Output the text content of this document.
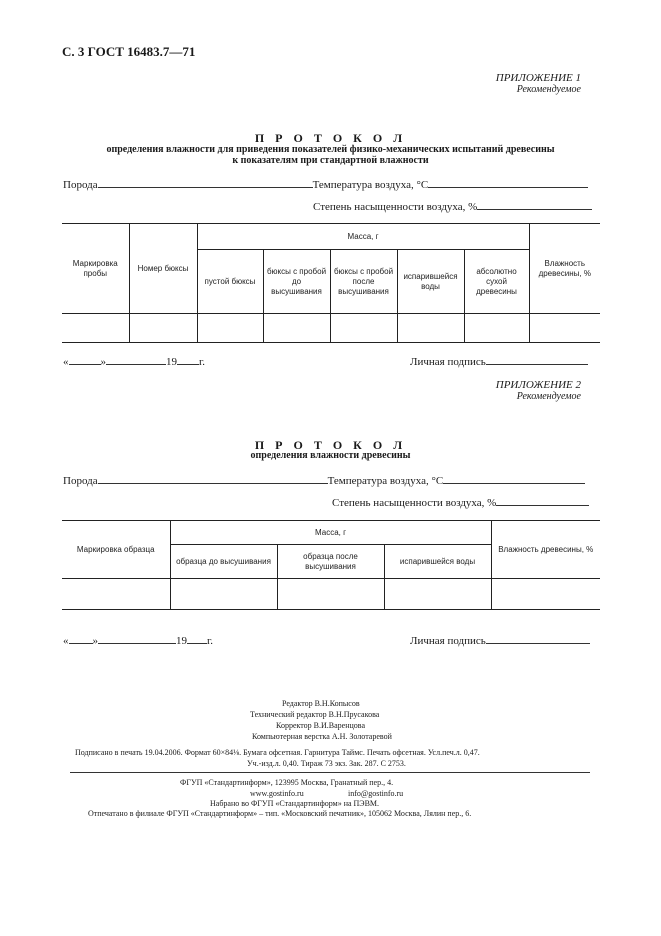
С. 3 ГОСТ 16483.7—71
ПРИЛОЖЕНИЕ 1
Рекомендуемое
П Р О Т О К О Л
определения влажности для приведения показателей физико-механических испытаний древесины
к показателям при стандартной влажности
Порода	Температура воздуха, °С
Степень насыщенности воздуха, %
Маркировка пробы	Номер бюксы	Масса, г					Влажность древесины, %
		пустой бюксы	бюксы с пробой до высушивания	бюксы с пробой после высушивания	испарившейся воды	абсолютно сухой древесины	

«	»	19 г.	Личная подпись
ПРИЛОЖЕНИЕ 2
Рекомендуемое
П Р О Т О К О Л
определения влажности древесины
Порода	Температура воздуха, °С
Степень насыщенности воздуха, %
Маркировка образца	Масса, г			Влажность древесины, %
	образца до высушивания	образца после высушивания	испарившейся воды	

« »	19 г.	Личная подпись
Редактор В.Н.Копысов
Технический редактор В.Н.Прусакова
Корректор В.И.Варенцова
Компьютерная верстка А.Н. Золотаревой
Подписано в печать 19.04.2006. Формат 60×84⅛. Бумага офсетная. Гарнитура Таймс. Печать офсетная. Усл.печ.л. 0,47.
Уч.-изд.л. 0,40. Тираж 73 экз. Зак. 287. С 2753.
ФГУП «Стандартинформ», 123995 Москва, Гранатный пер., 4.
www.gostinfo.ru	info@gostinfo.ru
Набрано во ФГУП «Стандартинформ» на ПЭВМ.
Отпечатано в филиале ФГУП «Стандартинформ» – тип. «Московский печатник», 105062 Москва, Лялин пер., 6.
